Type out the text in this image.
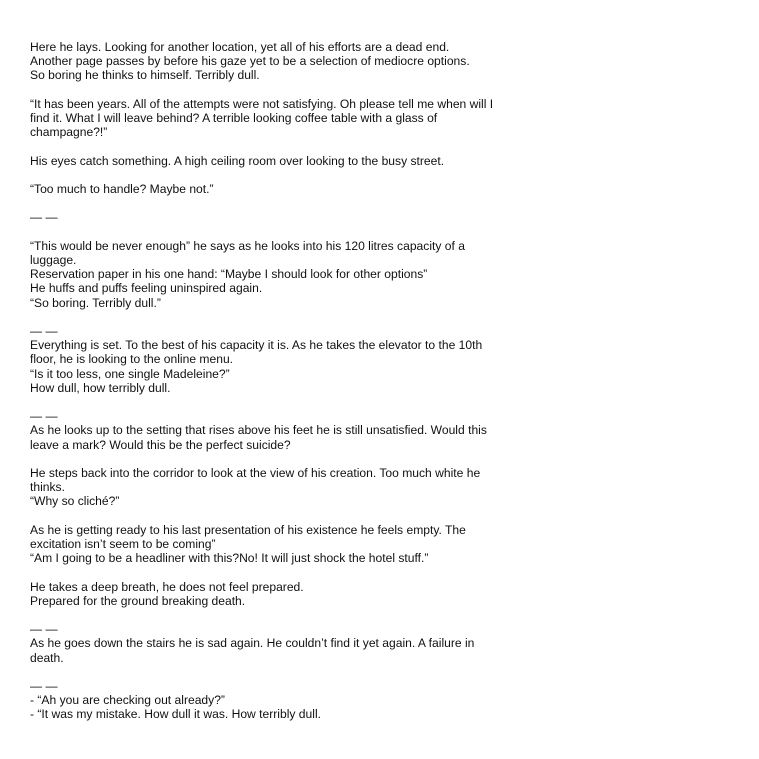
Here he lays. Looking for another location, yet all of his efforts are a dead end.
Another page passes by before his gaze yet to be a selection of mediocre options.
So boring he thinks to himself. Terribly dull.
“It has been years. All of the attempts were not satisfying. Oh please tell me when will I
find it. What I will leave behind? A terrible looking coffee table with a glass of
champagne?!”
His eyes catch something. A high ceiling room over looking to the busy street.
“Too much to handle? Maybe not.”
— —
“This would be never enough” he says as he looks into his 120 litres capacity of a
luggage.
Reservation paper in his one hand: “Maybe I should look for other options”
He huffs and puffs feeling uninspired again.
“So boring. Terribly dull.”
— —
Everything is set. To the best of his capacity it is. As he takes the elevator to the 10th
floor, he is looking to the online menu.
“Is it too less, one single Madeleine?”
How dull, how terribly dull.
— —
As he looks up to the setting that rises above his feet he is still unsatisfied. Would this
leave a mark? Would this be the perfect suicide?
He steps back into the corridor to look at the view of his creation. Too much white he
thinks.
“Why so cliché?”
As he is getting ready to his last presentation of his existence he feels empty. The
excitation isn’t seem to be coming”
“Am I going to be a headliner with this?No! It will just shock the hotel stuff.”
He takes a deep breath, he does not feel prepared.
Prepared for the ground breaking death.
— —
As he goes down the stairs he is sad again. He couldn’t find it yet again. A failure in
death.
— —
- “Ah you are checking out already?”
- “It was my mistake. How dull it was. How terribly dull.
